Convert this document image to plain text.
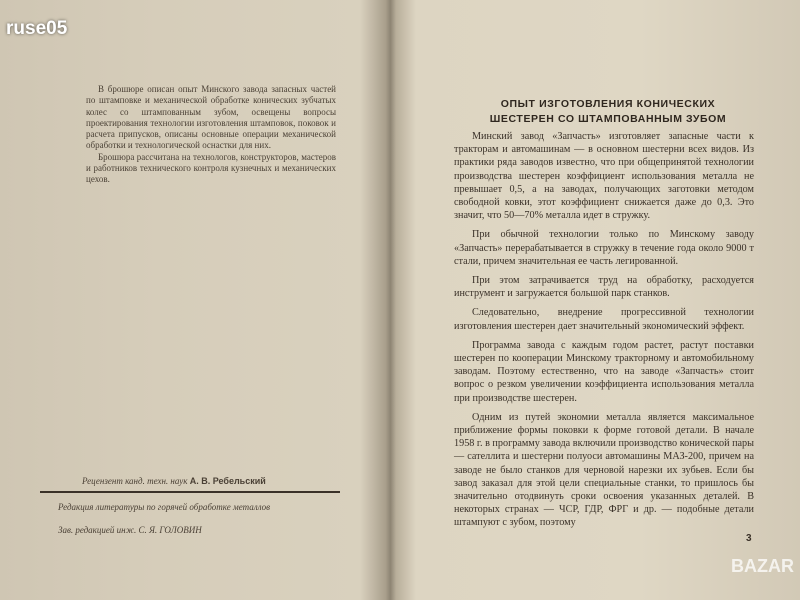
В брошюре описан опыт Минского завода запасных частей по штамповке и механической обработке конических зубчатых колес со штампованным зубом, освещены вопросы проектирования технологии изготовления штамповок, поковок и расчета припусков, описаны основные операции механической обработки и технологической оснастки для них.

Брошюра рассчитана на технологов, конструкторов, мастеров и работников технического контроля кузнечных и механических цехов.

Рецензент канд. техн. наук А. В. Ребельский
Редакция литературы по горячей обработке металлов
Зав. редакцией инж. С. Я. ГОЛОВИН
ОПЫТ ИЗГОТОВЛЕНИЯ КОНИЧЕСКИХ
ШЕСТЕРЕН СО ШТАМПОВАННЫМ ЗУБОМ

Минский завод «Запчасть» изготовляет запасные части к тракторам и автомашинам — в основном шестерни всех видов. Из практики ряда заводов известно, что при общепринятой технологии производства шестерен коэффициент использования металла не превышает 0,5, а на заводах, получающих заготовки методом свободной ковки, этот коэффициент снижается даже до 0,3. Это значит, что 50—70% металла идет в стружку.

При обычной технологии только по Минскому заводу «Запчасть» перерабатывается в стружку в течение года около 9000 т стали, причем значительная ее часть легированной.

При этом затрачивается труд на обработку, расходуется инструмент и загружается большой парк станков.

Следовательно, внедрение прогрессивной технологии изготовления шестерен дает значительный экономический эффект.

Программа завода с каждым годом растет, растут поставки шестерен по кооперации Минскому тракторному и автомобильному заводам. Поэтому естественно, что на заводе «Запчасть» стоит вопрос о резком увеличении коэффициента использования металла при производстве шестерен.

Одним из путей экономии металла является максимальное приближение формы поковки к форме готовой детали. В начале 1958 г. в программу завода включили производство конической пары — сателлита и шестерни полуоси автомашины МАЗ-200, причем на заводе не было станков для черновой нарезки их зубьев. Если бы завод заказал для этой цели специальные станки, то пришлось бы значительно отодвинуть сроки освоения указанных деталей. В некоторых странах — ЧСР, ГДР, ФРГ и др. — подобные детали штампуют с зубом, поэтому

3
ruse05
BAZAR
